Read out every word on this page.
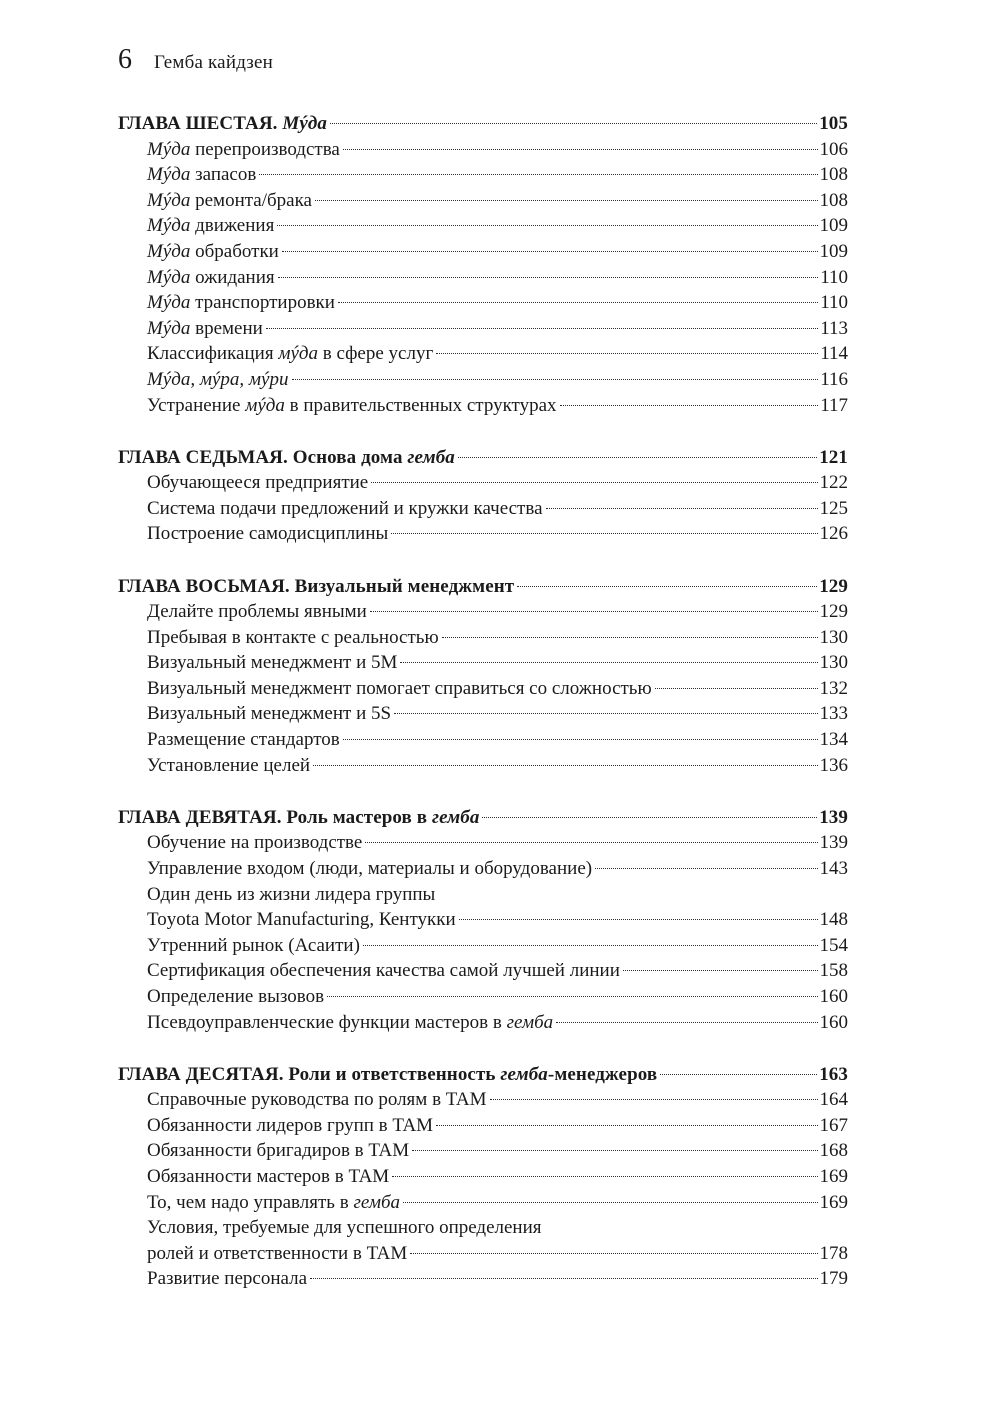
6 Гемба кайдзен
ГЛАВА ШЕСТАЯ. Мýда	105
Мýда перепроизводства	106
Мýда запасов	108
Мýда ремонта/брака	108
Мýда движения	109
Мýда обработки	109
Мýда ожидания	110
Мýда транспортировки	110
Мýда времени	113
Классификация мýда в сфере услуг	114
Мýда, мýра, мýри	116
Устранение мýда в правительственных структурах	117
ГЛАВА СЕДЬМАЯ. Основа дома гемба	121
Обучающееся предприятие	122
Система подачи предложений и кружки качества	125
Построение самодисциплины	126
ГЛАВА ВОСЬМАЯ. Визуальный менеджмент	129
Делайте проблемы явными	129
Пребывая в контакте с реальностью	130
Визуальный менеджмент и 5М	130
Визуальный менеджмент помогает справиться со сложностью	132
Визуальный менеджмент и 5S	133
Размещение стандартов	134
Установление целей	136
ГЛАВА ДЕВЯТАЯ. Роль мастеров в гемба	139
Обучение на производстве	139
Управление входом (люди, материалы и оборудование)	143
Один день из жизни лидера группы
Toyota Motor Manufacturing, Кентукки	148
Утренний рынок (Асаити)	154
Сертификация обеспечения качества самой лучшей линии	158
Определение вызовов	160
Псевдоуправленческие функции мастеров в гемба	160
ГЛАВА ДЕСЯТАЯ. Роли и ответственность гемба-менеджеров	163
Справочные руководства по ролям в TAM	164
Обязанности лидеров групп в TAM	167
Обязанности бригадиров в TAM	168
Обязанности мастеров в TAM	169
То, чем надо управлять в гемба	169
Условия, требуемые для успешного определения
ролей и ответственности в TAM	178
Развитие персонала	179
